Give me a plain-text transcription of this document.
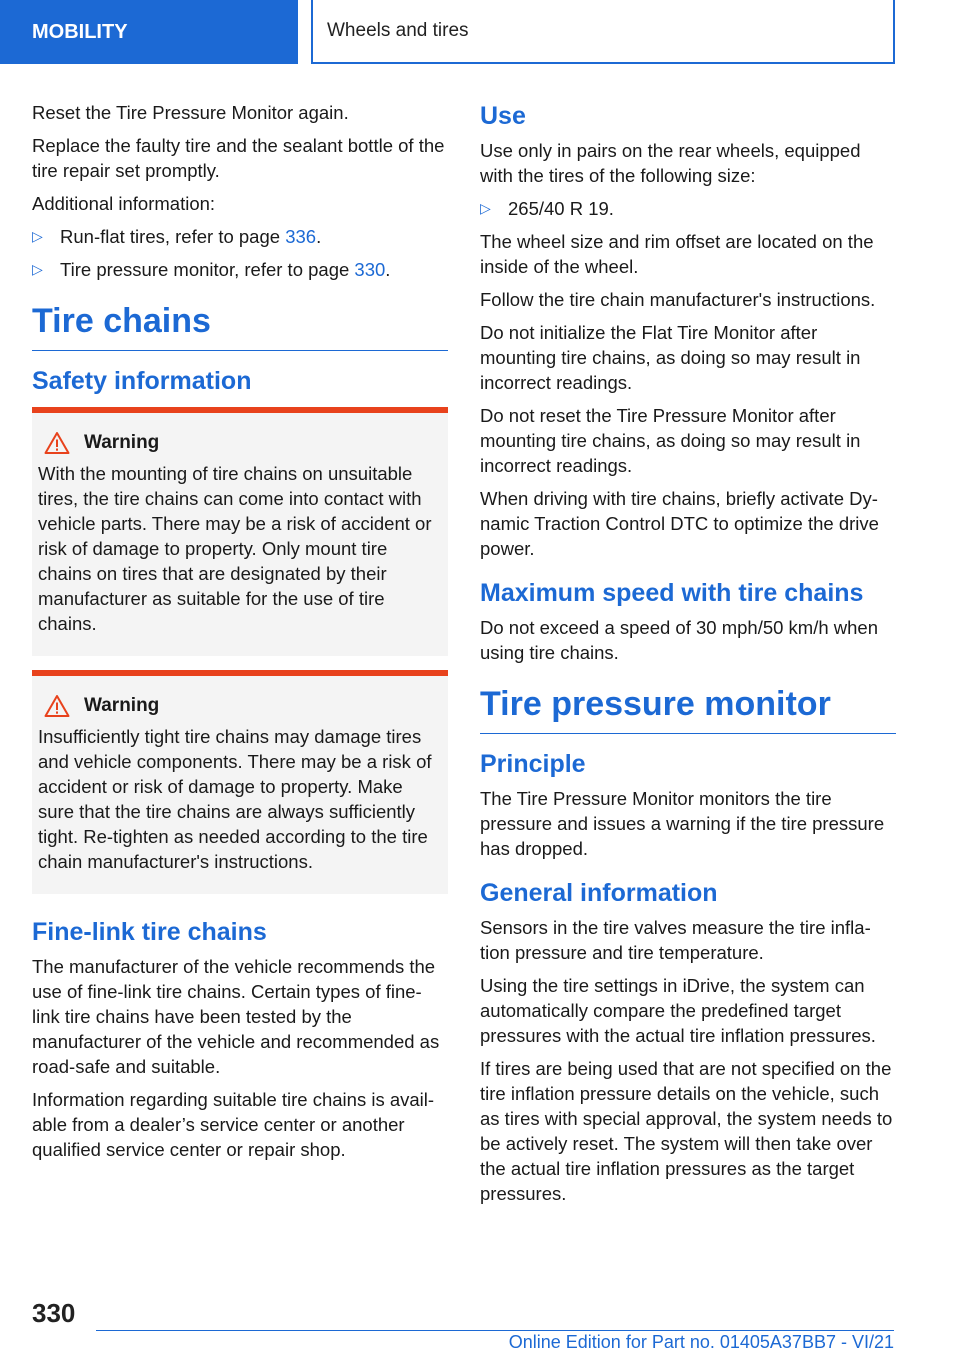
MOBILITY	Wheels and tires

Reset the Tire Pressure Monitor again.

Replace the faulty tire and the sealant bottle of the tire repair set promptly.

Additional information:

▷ Run-flat tires, refer to page 336.
▷ Tire pressure monitor, refer to page 330.
Tire chains
Safety information
Warning

With the mounting of tire chains on unsuitable tires, the tire chains can come into contact with vehicle parts. There may be a risk of accident or risk of damage to property. Only mount tire chains on tires that are designated by their manufacturer as suitable for the use of tire chains.

Warning

Insufficiently tight tire chains may damage tires and vehicle components. There may be a risk of accident or risk of damage to property. Make sure that the tire chains are always sufficiently tight. Re-tighten as needed according to the tire chain manufacturer's instructions.

Fine-link tire chains

The manufacturer of the vehicle recommends the use of fine-link tire chains. Certain types of fine-link tire chains have been tested by the manufacturer of the vehicle and recommended as road-safe and suitable.

Information regarding suitable tire chains is avail‐able from a dealer’s service center or another qualified service center or repair shop.

Use

Use only in pairs on the rear wheels, equipped with the tires of the following size:

▷ 265/40 R 19.

The wheel size and rim offset are located on the inside of the wheel.

Follow the tire chain manufacturer's instructions.

Do not initialize the Flat Tire Monitor after mounting tire chains, as doing so may result in incorrect readings.

Do not reset the Tire Pressure Monitor after mounting tire chains, as doing so may result in incorrect readings.

When driving with tire chains, briefly activate Dy‐namic Traction Control DTC to optimize the drive power.

Maximum speed with tire chains

Do not exceed a speed of 30 mph/50 km/h when using tire chains.

Tire pressure monitor
Principle

The Tire Pressure Monitor monitors the tire pressure and issues a warning if the tire pressure has dropped.

General information

Sensors in the tire valves measure the tire infla‐tion pressure and tire temperature.

Using the tire settings in iDrive, the system can automatically compare the predefined target pressures with the actual tire inflation pressures.

If tires are being used that are not specified on the tire inflation pressure details on the vehicle, such as tires with special approval, the system needs to be actively reset. The system will then take over the actual tire inflation pressures as the target pressures.

330
Online Edition for Part no. 01405A37BB7 - VI/21
